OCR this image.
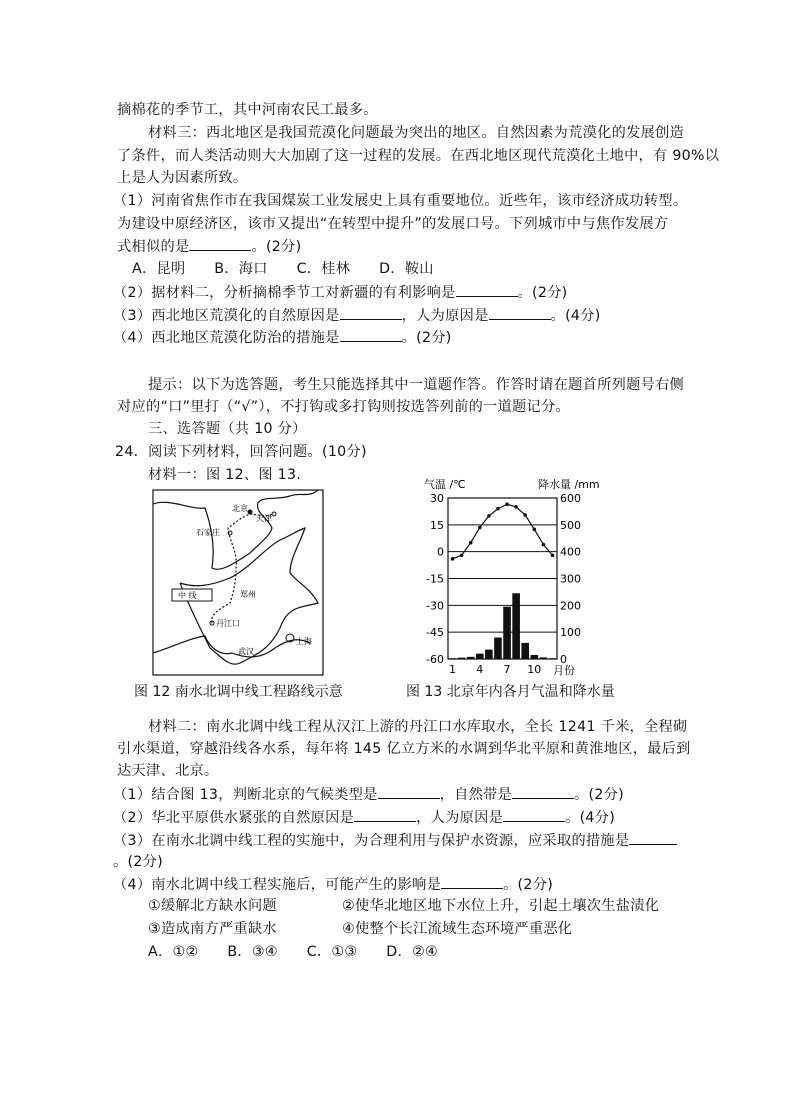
摘棉花的季节工，其中河南农民工最多。
材料三：西北地区是我国荒漠化问题最为突出的地区。自然因素为荒漠化的发展创造
了条件，而人类活动则大大加剧了这一过程的发展。在西北地区现代荒漠化土地中，有 90%以
上是人为因素所致。
（1）河南省焦作市在我国煤炭工业发展史上具有重要地位。近些年，该市经济成功转型。
为建设中原经济区，该市又提出“在转型中提升”的发展口号。下列城市中与焦作发展方
式相似的是	。(2分)
A．昆明 B．海口 C．桂林 D．鞍山
（2）据材料二，分析摘棉季节工对新疆的有利影响是	。(2分)
（3）西北地区荒漠化的自然原因是	，人为原因是	。(4分)
（4）西北地区荒漠化防治的措施是	。(2分)
提示：以下为选答题，考生只能选择其中一道题作答。作答时请在题首所列题号右侧
对应的“口”里打（“√”），不打钩或多打钩则按选答列前的一道题记分。
三、选答题（共 10 分）
24．阅读下列材料，回答问题。(10分)
材料一：图 12、图 13.
北京
天津
石家庄
郑州
丹江口
武汉
上海
中 线
图 12 南水北调中线工程路线示意
气温 /℃	降水量 /mm
月份
30	600
15	500
0	400
-15	300
-30	200
-45	100
-60	0
1 4 7 10
图 13 北京年内各月气温和降水量
材料二：南水北调中线工程从汉江上游的丹江口水库取水，全长 1241 千米，全程砌
引水渠道，穿越沿线各水系，每年将 145 亿立方米的水调到华北平原和黄淮地区，最后到
达天津、北京。
（1）结合图 13，判断北京的气候类型是	，自然带是	。(2分)
（2）华北平原供水紧张的自然原因是	，人为原因是	。(4分)
（3）在南水北调中线工程的实施中，为合理利用与保护水资源，应采取的措施是
。(2分)
（4）南水北调中线工程实施后，可能产生的影响是	。(2分)
①缓解北方缺水问题	②使华北地区地下水位上升，引起土壤次生盐渍化
③造成南方严重缺水	④使整个长江流域生态环境严重恶化
A．①② B．③④ C．①③ D．②④
